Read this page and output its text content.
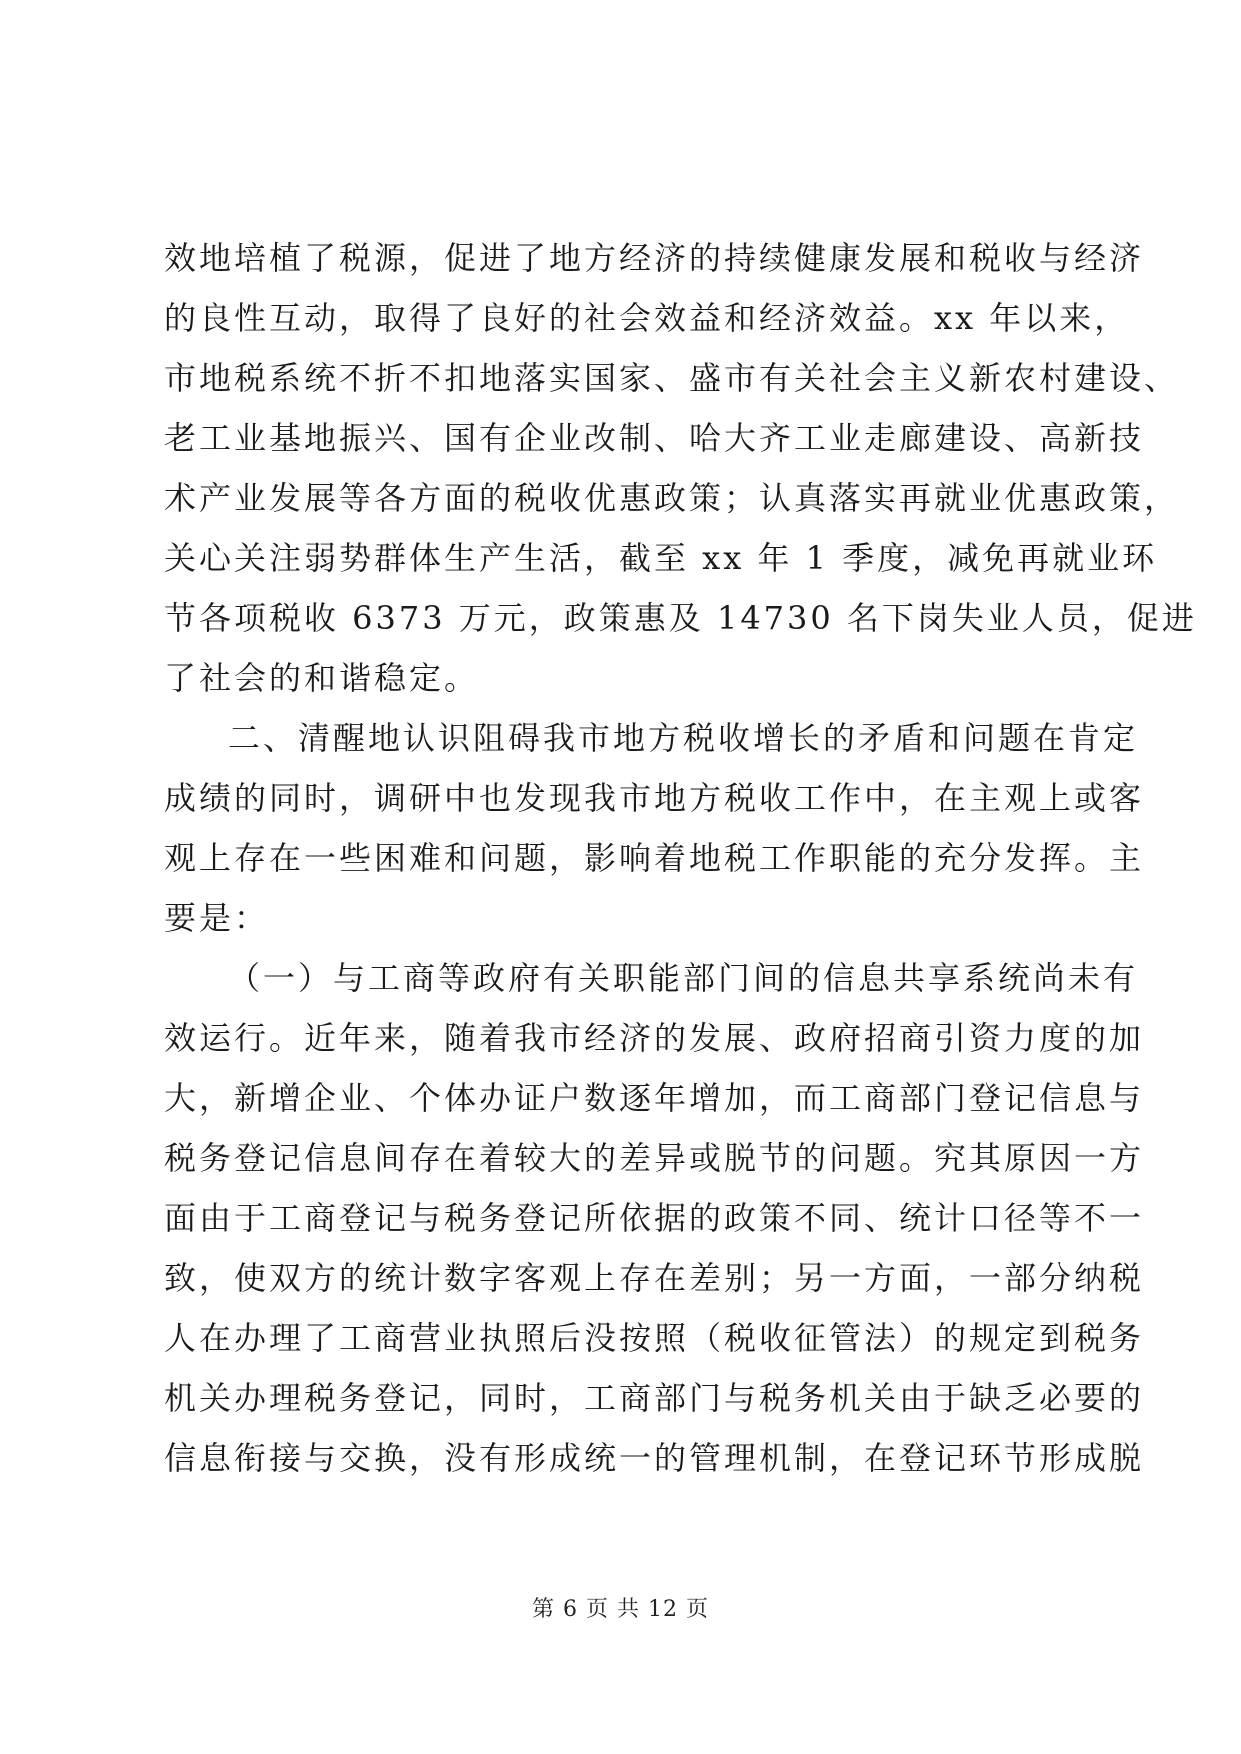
效地培植了税源，促进了地方经济的持续健康发展和税收与经济
的良性互动，取得了良好的社会效益和经济效益。xx 年以来，
市地税系统不折不扣地落实国家、盛市有关社会主义新农村建设、
老工业基地振兴、国有企业改制、哈大齐工业走廊建设、高新技
术产业发展等各方面的税收优惠政策；认真落实再就业优惠政策，
关心关注弱势群体生产生活，截至 xx 年 1 季度，减免再就业环
节各项税收 6373 万元，政策惠及 14730 名下岗失业人员，促进
了社会的和谐稳定。
二、清醒地认识阻碍我市地方税收增长的矛盾和问题在肯定
成绩的同时，调研中也发现我市地方税收工作中，在主观上或客
观上存在一些困难和问题，影响着地税工作职能的充分发挥。主
要是：
（一）与工商等政府有关职能部门间的信息共享系统尚未有
效运行。近年来，随着我市经济的发展、政府招商引资力度的加
大，新增企业、个体办证户数逐年增加，而工商部门登记信息与
税务登记信息间存在着较大的差异或脱节的问题。究其原因一方
面由于工商登记与税务登记所依据的政策不同、统计口径等不一
致，使双方的统计数字客观上存在差别；另一方面，一部分纳税
人在办理了工商营业执照后没按照（税收征管法）的规定到税务
机关办理税务登记，同时，工商部门与税务机关由于缺乏必要的
信息衔接与交换，没有形成统一的管理机制，在登记环节形成脱
第 6 页 共 12 页
